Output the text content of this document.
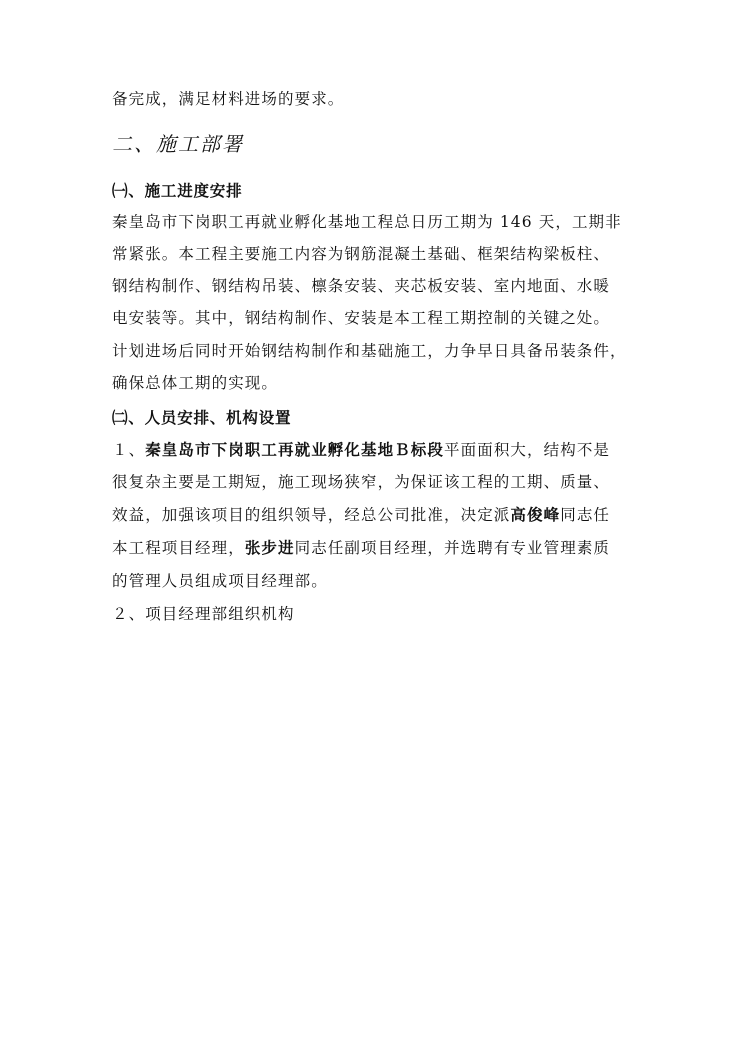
备完成，满足材料进场的要求。
二、施工部署
㈠、施工进度安排
秦皇岛市下岗职工再就业孵化基地工程总日历工期为 146 天，工期非
常紧张。本工程主要施工内容为钢筋混凝土基础、框架结构梁板柱、
钢结构制作、钢结构吊装、檩条安装、夹芯板安装、室内地面、水暖
电安装等。其中，钢结构制作、安装是本工程工期控制的关键之处。
计划进场后同时开始钢结构制作和基础施工，力争早日具备吊装条件，
确保总体工期的实现。
㈡、人员安排、机构设置
１、秦皇岛市下岗职工再就业孵化基地Ｂ标段平面面积大，结构不是
很复杂主要是工期短，施工现场狭窄，为保证该工程的工期、质量、
效益，加强该项目的组织领导，经总公司批准，决定派高俊峰同志任
本工程项目经理，张步进同志任副项目经理，并选聘有专业管理素质
的管理人员组成项目经理部。
２、项目经理部组织机构
